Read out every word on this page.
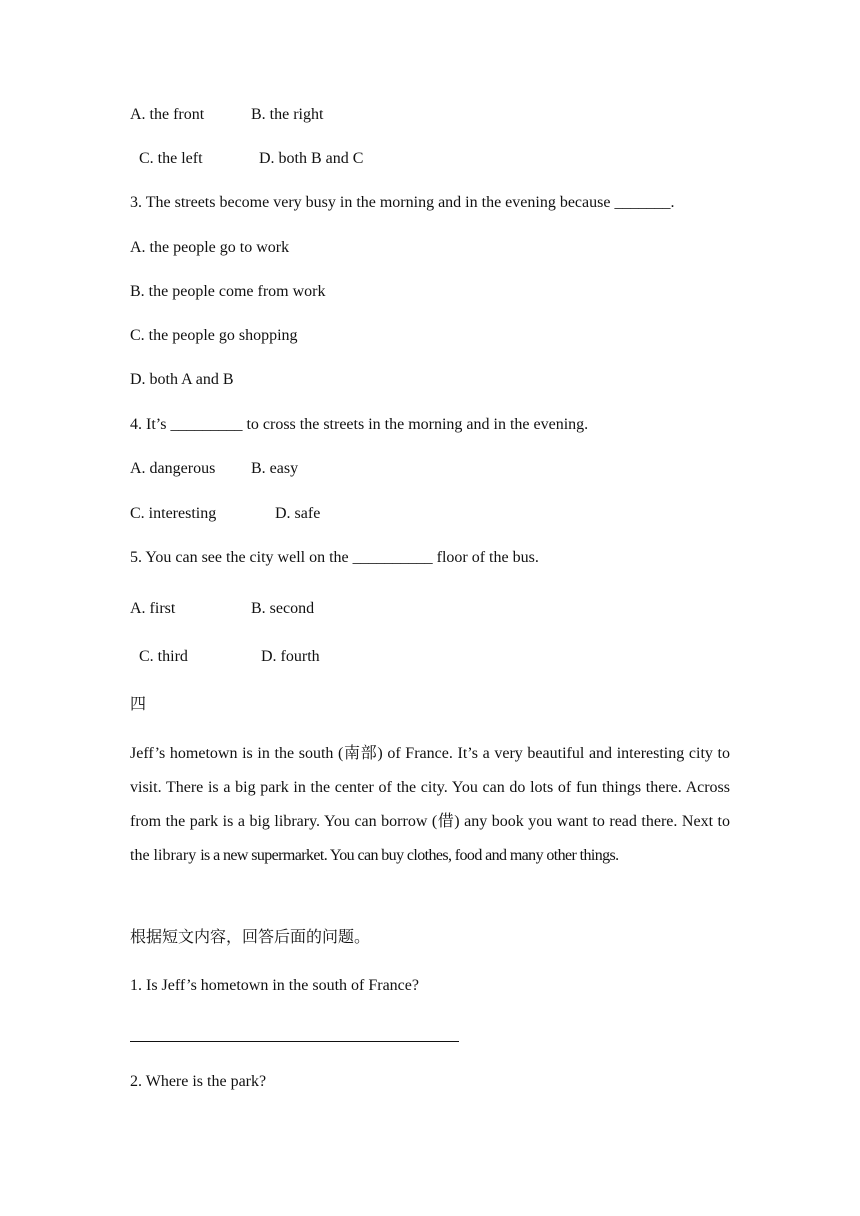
A. the front	B. the right
C. the left	D. both B and C
3. The streets become very busy in the morning and in the evening because _______.
A. the people go to work
B. the people come from work
C. the people go shopping
D. both A and B
4. It’s _________ to cross the streets in the morning and in the evening.
A. dangerous B. easy
C. interesting	D. safe
5. You can see the city well on the __________ floor of the bus.
A. first	B. second
C. third	D. fourth
四
Jeff’s hometown is in the south (南部) of France. It’s a very beautiful and interesting city to visit. There is a big park in the center of the city. You can do lots of fun things there. Across from the park is a big library. You can borrow (借) any book you want to read there. Next to the library is a new supermarket. You can buy clothes, food and many other things.
根据短文内容，回答后面的问题。
1. Is Jeff’s hometown in the south of France?
2. Where is the park?
